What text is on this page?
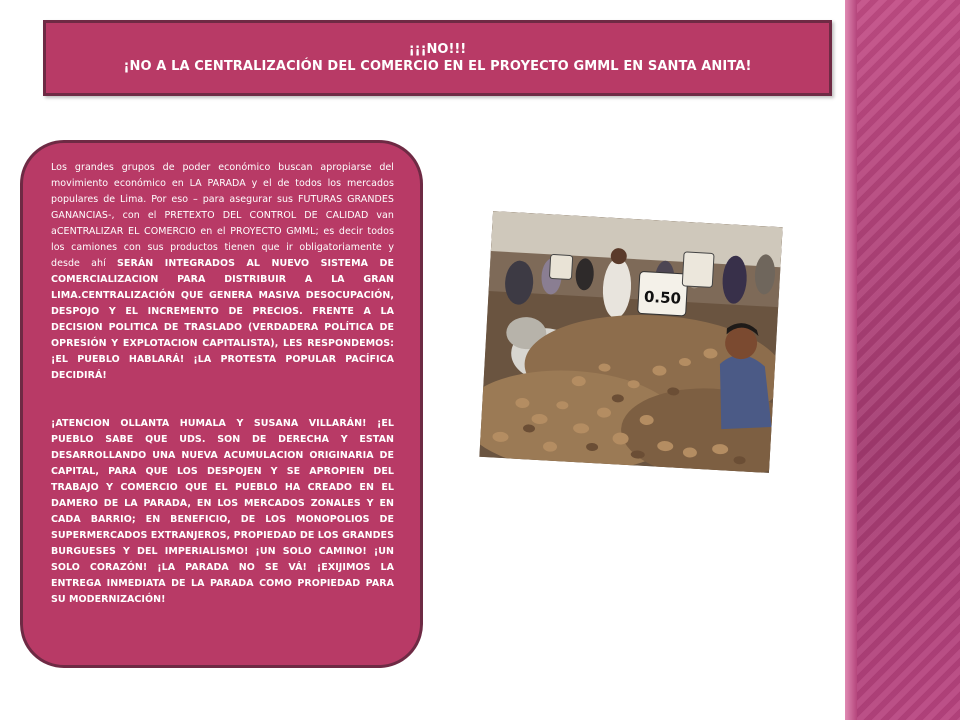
¡¡¡NO!!!
¡NO A LA CENTRALIZACIÓN DEL COMERCIO EN EL PROYECTO GMML EN SANTA ANITA!

Los grandes grupos de poder económico buscan apropiarse del movimiento económico en LA PARADA y el de todos los mercados populares de Lima. Por eso – para asegurar sus FUTURAS GRANDES GANANCIAS-, con el PRETEXTO DEL CONTROL DE CALIDAD van aCENTRALIZAR EL COMERCIO en el PROYECTO GMML; es decir todos los camiones con sus productos tienen que ir obligatoriamente y desde ahí SERÁN INTEGRADOS AL NUEVO SISTEMA DE COMERCIALIZACION PARA DISTRIBUIR A LA GRAN LIMA.CENTRALIZACIÓN QUE GENERA MASIVA DESOCUPACIÓN, DESPOJO Y EL INCREMENTO DE PRECIOS. FRENTE A LA DECISION POLITICA DE TRASLADO (VERDADERA POLÍTICA DE OPRESIÓN Y EXPLOTACION CAPITALISTA), LES RESPONDEMOS: ¡EL PUEBLO HABLARÁ! ¡LA PROTESTA POPULAR PACÍFICA DECIDIRÁ!

¡ATENCION OLLANTA HUMALA Y SUSANA VILLARÁN! ¡EL PUEBLO SABE QUE UDS. SON DE DERECHA Y ESTAN DESARROLLANDO UNA NUEVA ACUMULACION ORIGINARIA DE CAPITAL, PARA QUE LOS DESPOJEN Y SE APROPIEN DEL TRABAJO Y COMERCIO QUE EL PUEBLO HA CREADO EN EL DAMERO DE LA PARADA, EN LOS MERCADOS ZONALES Y EN CADA BARRIO; EN BENEFICIO, DE LOS MONOPOLIOS DE SUPERMERCADOS EXTRANJEROS, PROPIEDAD DE LOS GRANDES BURGUESES Y DEL IMPERIALISMO! ¡UN SOLO CAMINO! ¡UN SOLO CORAZÓN! ¡LA PARADA NO SE VÁ! ¡EXIJIMOS LA ENTREGA INMEDIATA DE LA PARADA COMO PROPIEDAD PARA SU MODERNIZACIÓN!

0.50
